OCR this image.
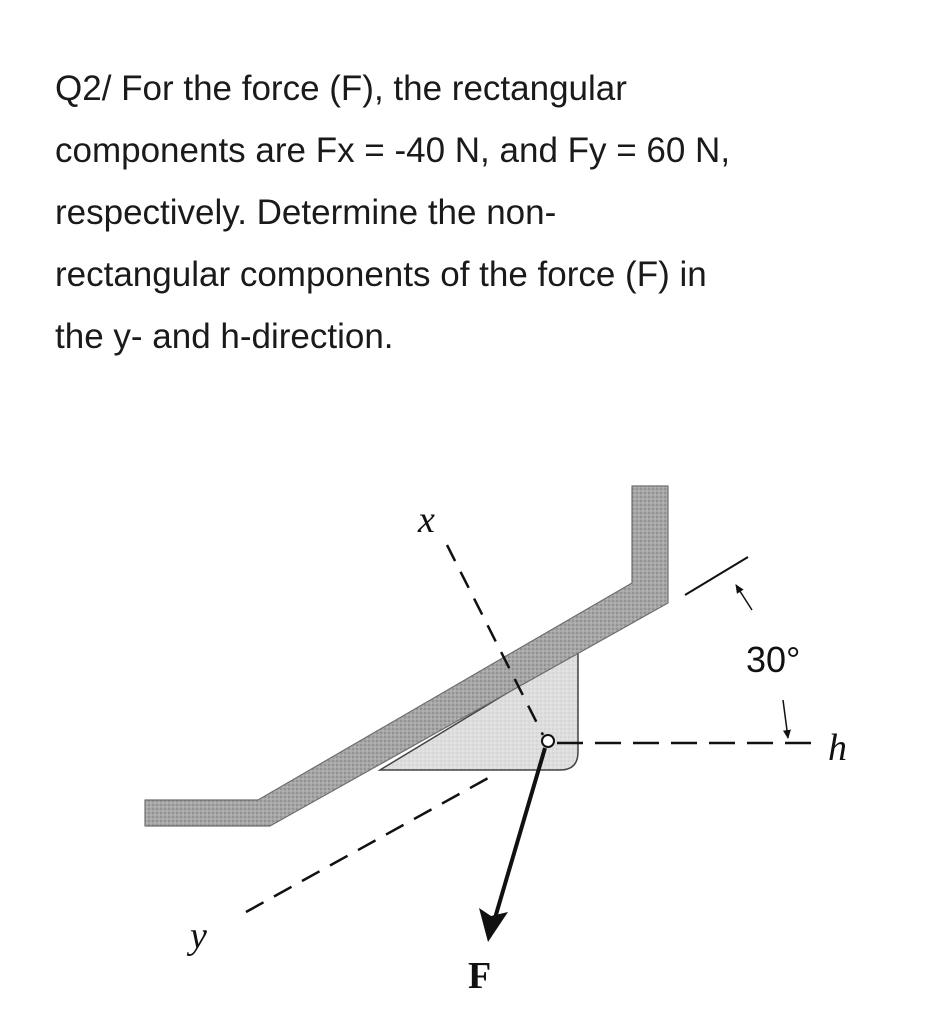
Q2/ For the force (F), the rectangular
components are Fx = -40 N, and Fy = 60 N,
respectively. Determine the non-
rectangular components of the force (F) in
the y- and h-direction.
x
y
h
30°
F
